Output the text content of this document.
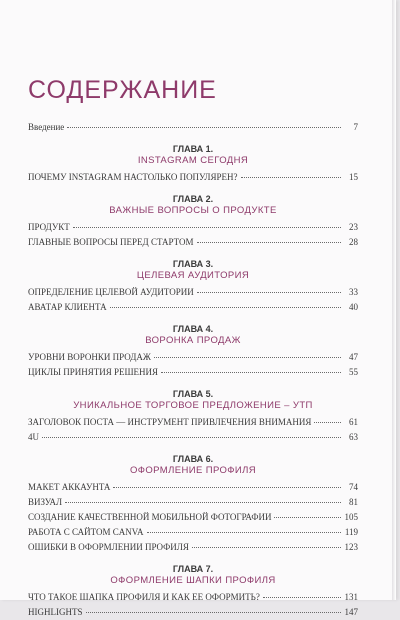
СОДЕРЖАНИЕ
Введение	7
ГЛАВА 1.
INSTAGRAM СЕГОДНЯ
ПОЧЕМУ INSTAGRAM НАСТОЛЬКО ПОПУЛЯРЕН?	15
ГЛАВА 2.
ВАЖНЫЕ ВОПРОСЫ О ПРОДУКТЕ
ПРОДУКТ	23
ГЛАВНЫЕ ВОПРОСЫ ПЕРЕД СТАРТОМ	28
ГЛАВА 3.
ЦЕЛЕВАЯ АУДИТОРИЯ
ОПРЕДЕЛЕНИЕ ЦЕЛЕВОЙ АУДИТОРИИ	33
АВАТАР КЛИЕНТА	40
ГЛАВА 4.
ВОРОНКА ПРОДАЖ
УРОВНИ ВОРОНКИ ПРОДАЖ	47
ЦИКЛЫ ПРИНЯТИЯ РЕШЕНИЯ	55
ГЛАВА 5.
УНИКАЛЬНОЕ ТОРГОВОЕ ПРЕДЛОЖЕНИЕ – УТП
ЗАГОЛОВОК ПОСТА — ИНСТРУМЕНТ ПРИВЛЕЧЕНИЯ ВНИМАНИЯ	61
4U	63
ГЛАВА 6.
ОФОРМЛЕНИЕ ПРОФИЛЯ
МАКЕТ АККАУНТА	74
ВИЗУАЛ	81
СОЗДАНИЕ КАЧЕСТВЕННОЙ МОБИЛЬНОЙ ФОТОГРАФИИ	105
РАБОТА С САЙТОМ CANVA	119
ОШИБКИ В ОФОРМЛЕНИИ ПРОФИЛЯ	123
ГЛАВА 7.
ОФОРМЛЕНИЕ ШАПКИ ПРОФИЛЯ
ЧТО ТАКОЕ ШАПКА ПРОФИЛЯ И КАК ЕЕ ОФОРМИТЬ?	131
HIGHLIGHTS	147
